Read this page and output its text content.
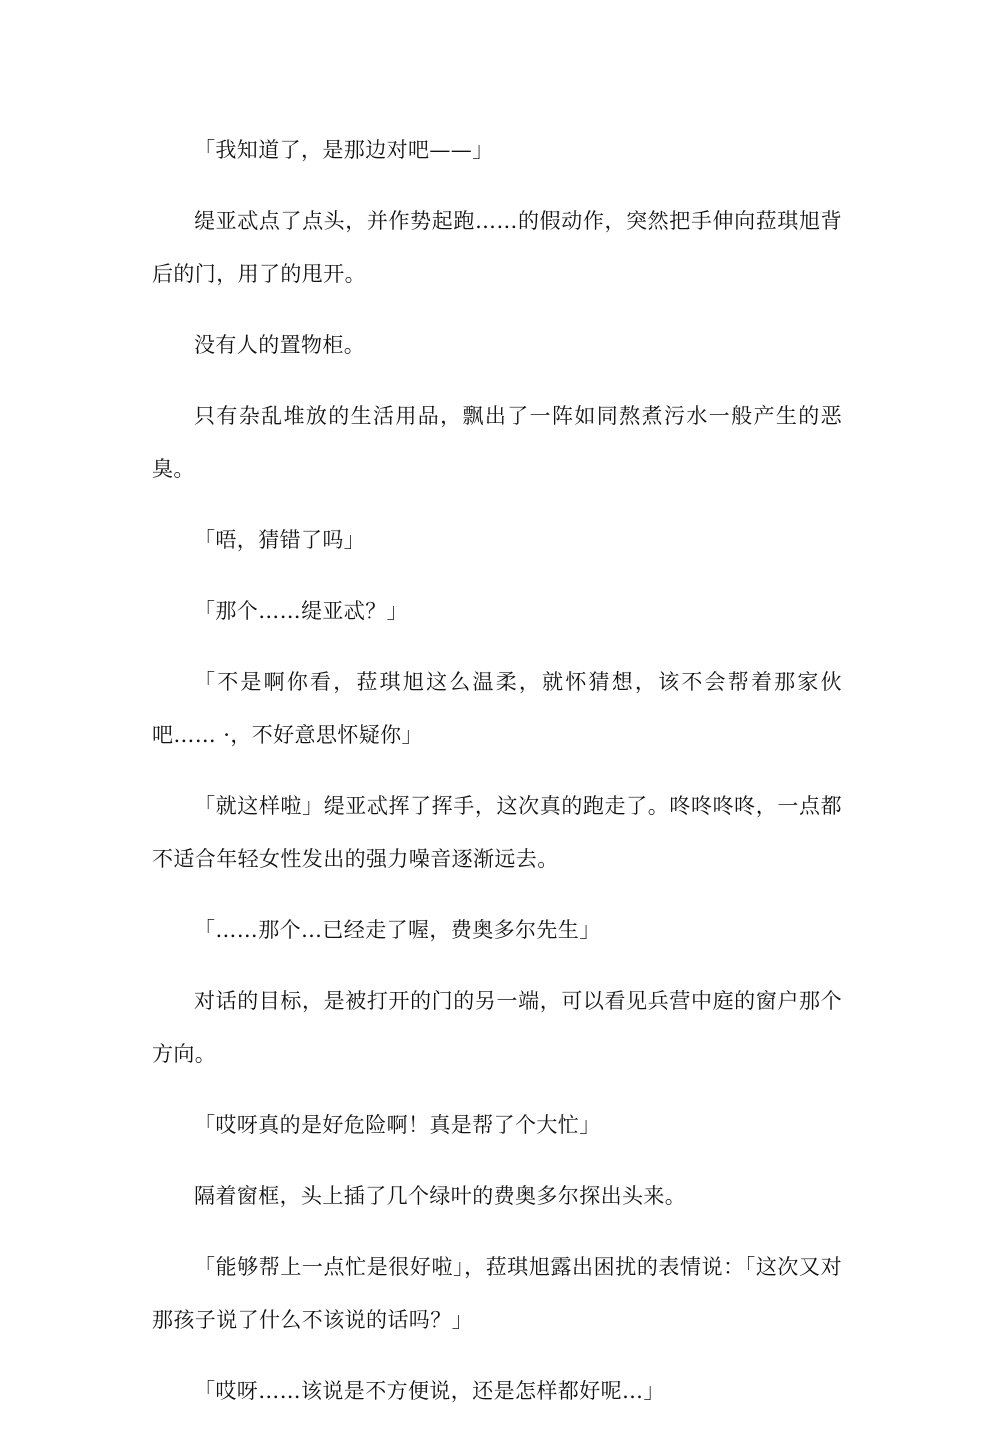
「我知道了，是那边对吧——」

缇亚忒点了点头，并作势起跑……的假动作，突然把手伸向菈琪旭背后的门，用了的甩开。

没有人的置物柜。

只有杂乱堆放的生活用品，飘出了一阵如同熬煮污水一般产生的恶臭。

「唔，猜错了吗」

「那个……缇亚忒？」

「不是啊你看，菈琪旭这么温柔，就怀猜想，该不会帮着那家伙吧…… ·，不好意思怀疑你」

「就这样啦」缇亚忒挥了挥手，这次真的跑走了。咚咚咚咚，一点都不适合年轻女性发出的强力噪音逐渐远去。

「……那个…已经走了喔，费奥多尔先生」

对话的目标，是被打开的门的另一端，可以看见兵营中庭的窗户那个方向。

「哎呀真的是好危险啊！真是帮了个大忙」

隔着窗框，头上插了几个绿叶的费奥多尔探出头来。

「能够帮上一点忙是很好啦」，菈琪旭露出困扰的表情说：「这次又对那孩子说了什么不该说的话吗？」

「哎呀……该说是不方便说，还是怎样都好呢…」
